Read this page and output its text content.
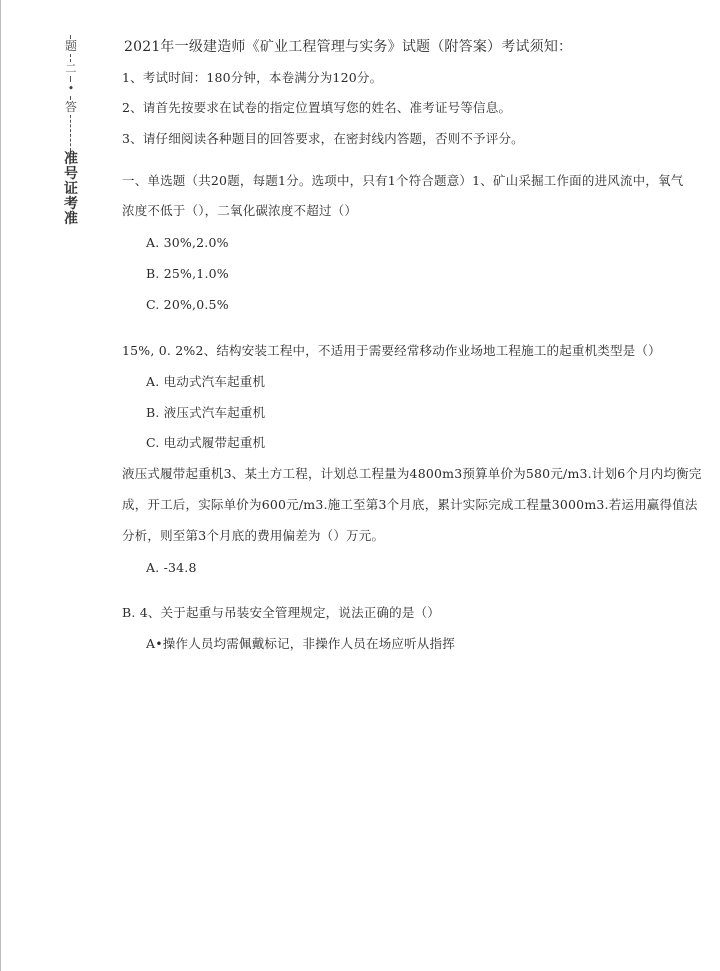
题
二
•
答
准
号
证
考
准
2021年一级建造师《矿业工程管理与实务》试题（附答案）考试须知：
1、考试时间：180分钟，本卷满分为120分。
2、请首先按要求在试卷的指定位置填写您的姓名、准考证号等信息。
3、请仔细阅读各种题目的回答要求，在密封线内答题，否则不予评分。
一、单选题（共20题，每题1分。选项中，只有1个符合题意）1、矿山采掘工作面的进风流中，氧气
浓度不低于（），二氧化碳浓度不超过（）
A. 30%,2.0%
B. 25%,1.0%
C. 20%,0.5%
15%, 0. 2%2、结构安装工程中，不适用于需要经常移动作业场地工程施工的起重机类型是（）
A. 电动式汽车起重机
B. 液压式汽车起重机
C. 电动式履带起重机
液压式履带起重机3、某土方工程，计划总工程量为4800m3预算单价为580元/m3.计划6个月内均衡完
成，开工后，实际单价为600元/m3.施工至第3个月底，累计实际完成工程量3000m3.若运用赢得值法
分析，则至第3个月底的费用偏差为（）万元。
A. -34.8
B. 4、关于起重与吊装安全管理规定，说法正确的是（）
A•操作人员均需佩戴标记，非操作人员在场应听从指挥
